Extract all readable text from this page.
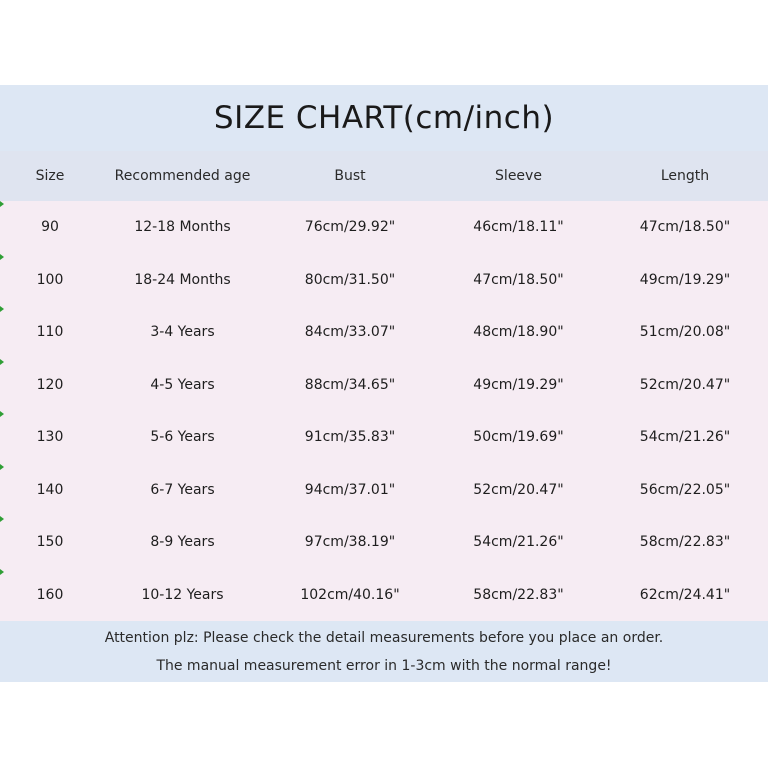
SIZE CHART(cm/inch)
Size	Recommended age	Bust	Sleeve	Length
90	12-18 Months	76cm/29.92"	46cm/18.11"	47cm/18.50"
100	18-24 Months	80cm/31.50"	47cm/18.50"	49cm/19.29"
110	3-4 Years	84cm/33.07"	48cm/18.90"	51cm/20.08"
120	4-5 Years	88cm/34.65"	49cm/19.29"	52cm/20.47"
130	5-6 Years	91cm/35.83"	50cm/19.69"	54cm/21.26"
140	6-7 Years	94cm/37.01"	52cm/20.47"	56cm/22.05"
150	8-9 Years	97cm/38.19"	54cm/21.26"	58cm/22.83"
160	10-12 Years	102cm/40.16"	58cm/22.83"	62cm/24.41"
Attention plz: Please check the detail measurements before you place an order.
The manual measurement error in 1-3cm with the normal range!
